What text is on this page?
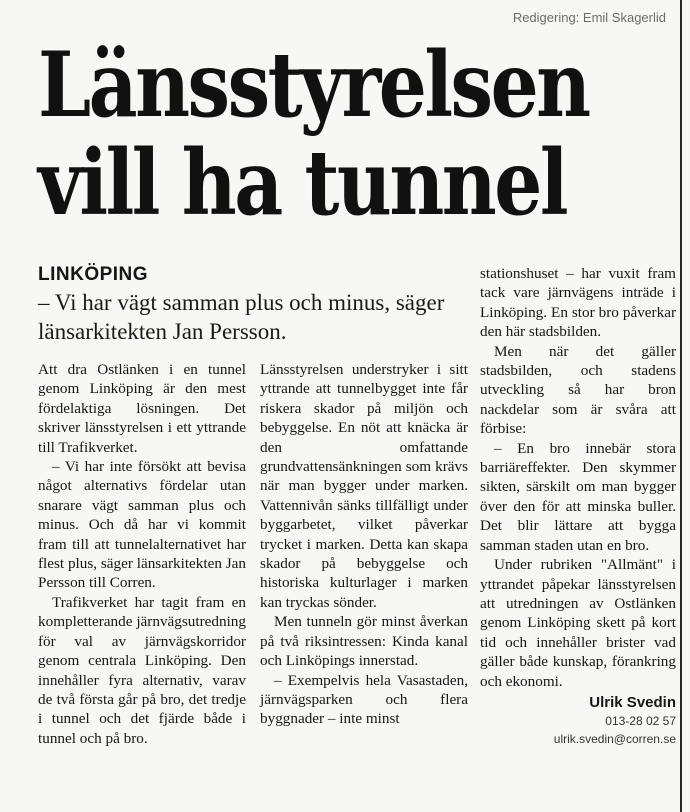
Redigering: Emil Skagerlid
Länsstyrelsen
vill ha tunnel
LINKÖPING
– Vi har vägt samman plus och minus, säger länsarkitekten Jan Persson.

Att dra Ostlänken i en tunnel genom Linköping är den mest fördelaktiga lösningen. Det skriver länsstyrelsen i ett yttrande till Trafikverket.

– Vi har inte försökt att bevisa något alternativs fördelar utan snarare vägt samman plus och minus. Och då har vi kommit fram till att tunnelalternativet har flest plus, säger länsarkitekten Jan Persson till Corren.

Trafikverket har tagit fram en kompletterande järnvägsutredning för val av järnvägskorridor genom centrala Linköping. Den innehåller fyra alternativ, varav de två första går på bro, det tredje i tunnel och det fjärde både i tunnel och på bro.

Länsstyrelsen understryker i sitt yttrande att tunnelbygget inte får riskera skador på miljön och bebyggelse. En nöt att knäcka är den omfattande grundvattensänkningen som krävs när man bygger under marken. Vattennivån sänks tillfälligt under byggarbetet, vilket påverkar trycket i marken. Detta kan skapa skador på bebyggelse och historiska kulturlager i marken kan tryckas sönder.

Men tunneln gör minst åverkan på två riksintressen: Kinda kanal och Linköpings innerstad.

– Exempelvis hela Vasastaden, järnvägsparken och flera byggnader – inte minst

stationshuset – har vuxit fram tack vare järnvägens inträde i Linköping. En stor bro påverkar den här stadsbilden.

Men när det gäller stadsbilden, och stadens utveckling så har bron nackdelar som är svåra att förbise:

– En bro innebär stora barriäreffekter. Den skymmer sikten, särskilt om man bygger över den för att minska buller. Det blir lättare att bygga samman staden utan en bro.

Under rubriken "Allmänt" i yttrandet påpekar länsstyrelsen att utredningen av Ostlänken genom Linköping skett på kort tid och innehåller brister vad gäller både kunskap, förankring och ekonomi.

Ulrik Svedin
013-28 02 57
ulrik.svedin@corren.se
